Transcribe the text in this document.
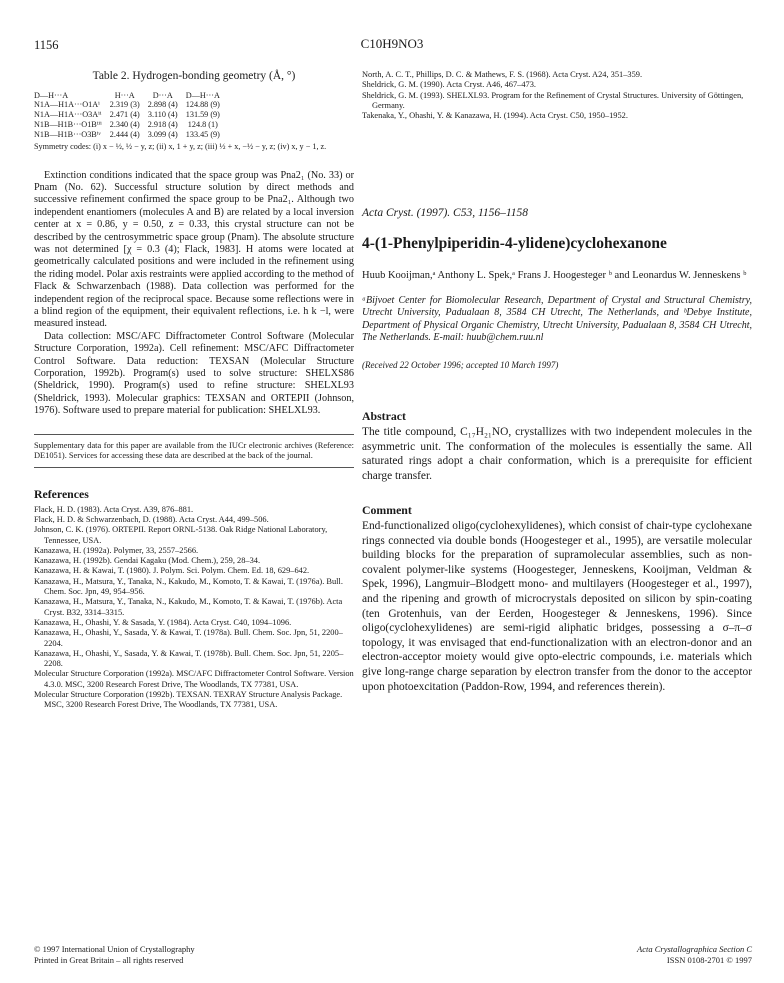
1156	C10H9NO3
Table 2. Hydrogen-bonding geometry (Å, °)
D—H···A	H···A	D···A	D—H···A
N1A—H1A···O1Aⁱ	2.319 (3)	2.898 (4)	124.88 (9)
N1A—H1A···O3Aⁱⁱ	2.471 (4)	3.110 (4)	131.59 (9)
N1B—H1B···O1Bⁱⁱⁱ	2.340 (4)	2.918 (4)	124.8 (1)
N1B—H1B···O3Bⁱᵛ	2.444 (4)	3.099 (4)	133.45 (9)
Symmetry codes: (i) x − ½, ½ − y, z; (ii) x, 1 + y, z; (iii) ½ + x, −½ − y, z; (iv) x, y − 1, z.

Extinction conditions indicated that the space group was Pna2₁ (No. 33) or Pnam (No. 62). Successful structure solution by direct methods and successive refinement confirmed the space group to be Pna2₁. Although two independent enantiomers (molecules A and B) are related by a local inversion center at x = 0.86, y = 0.50, z = 0.33, this crystal structure can not be described by the centrosymmetric space group (Pnam). The absolute structure was not determined [χ = 0.3 (4); Flack, 1983]. H atoms were located at geometrically calculated positions and were included in the refinement using the riding model. Polar axis restraints were applied according to the method of Flack & Schwarzenbach (1988). Data collection was performed for the independent region of the reciprocal space. Because some reflections were in a blind region of the equipment, their equivalent reflections, i.e. h k −l, were measured instead.

Data collection: MSC/AFC Diffractometer Control Software (Molecular Structure Corporation, 1992a). Cell refinement: MSC/AFC Diffractometer Control Software. Data reduction: TEXSAN (Molecular Structure Corporation, 1992b). Program(s) used to solve structure: SHELXS86 (Sheldrick, 1990). Program(s) used to refine structure: SHELXL93 (Sheldrick, 1993). Molecular graphics: TEXSAN and ORTEPII (Johnson, 1976). Software used to prepare material for publication: SHELXL93.

Supplementary data for this paper are available from the IUCr electronic archives (Reference: DE1051). Services for accessing these data are described at the back of the journal.
References

Flack, H. D. (1983). Acta Cryst. A39, 876–881.

Flack, H. D. & Schwarzenbach, D. (1988). Acta Cryst. A44, 499–506.

Johnson, C. K. (1976). ORTEPII. Report ORNL-5138. Oak Ridge National Laboratory, Tennessee, USA.

Kanazawa, H. (1992a). Polymer, 33, 2557–2566.

Kanazawa, H. (1992b). Gendai Kagaku (Mod. Chem.), 259, 28–34.

Kanazawa, H. & Kawai, T. (1980). J. Polym. Sci. Polym. Chem. Ed. 18, 629–642.

Kanazawa, H., Matsura, Y., Tanaka, N., Kakudo, M., Komoto, T. & Kawai, T. (1976a). Bull. Chem. Soc. Jpn, 49, 954–956.

Kanazawa, H., Matsura, Y., Tanaka, N., Kakudo, M., Komoto, T. & Kawai, T. (1976b). Acta Cryst. B32, 3314–3315.

Kanazawa, H., Ohashi, Y. & Sasada, Y. (1984). Acta Cryst. C40, 1094–1096.

Kanazawa, H., Ohashi, Y., Sasada, Y. & Kawai, T. (1978a). Bull. Chem. Soc. Jpn, 51, 2200–2204.

Kanazawa, H., Ohashi, Y., Sasada, Y. & Kawai, T. (1978b). Bull. Chem. Soc. Jpn, 51, 2205–2208.

Molecular Structure Corporation (1992a). MSC/AFC Diffractometer Control Software. Version 4.3.0. MSC, 3200 Research Forest Drive, The Woodlands, TX 77381, USA.

Molecular Structure Corporation (1992b). TEXSAN. TEXRAY Structure Analysis Package. MSC, 3200 Research Forest Drive, The Woodlands, TX 77381, USA.

North, A. C. T., Phillips, D. C. & Mathews, F. S. (1968). Acta Cryst. A24, 351–359.

Sheldrick, G. M. (1990). Acta Cryst. A46, 467–473.

Sheldrick, G. M. (1993). SHELXL93. Program for the Refinement of Crystal Structures. University of Göttingen, Germany.

Takenaka, Y., Ohashi, Y. & Kanazawa, H. (1994). Acta Cryst. C50, 1950–1952.

Acta Cryst. (1997). C53, 1156–1158
4-(1-Phenylpiperidin-4-ylidene)cyclohexanone
Huub Kooijman,ᵃ Anthony L. Spek,ᵃ Frans J. Hoogesteger ᵇ and Leonardus W. Jenneskens ᵇ
ᵃBijvoet Center for Biomolecular Research, Department of Crystal and Structural Chemistry, Utrecht University, Padualaan 8, 3584 CH Utrecht, The Netherlands, and ᵇDebye Institute, Department of Physical Organic Chemistry, Utrecht University, Padualaan 8, 3584 CH Utrecht, The Netherlands. E-mail: huub@chem.ruu.nl
(Received 22 October 1996; accepted 10 March 1997)
Abstract

The title compound, C₁₇H₂₁NO, crystallizes with two independent molecules in the asymmetric unit. The conformation of the molecules is essentially the same. All saturated rings adopt a chair conformation, which is a prerequisite for efficient charge transfer.

Comment

End-functionalized oligo(cyclohexylidenes), which consist of chair-type cyclohexane rings connected via double bonds (Hoogesteger et al., 1995), are versatile molecular building blocks for the preparation of supramolecular assemblies, such as non-covalent polymer-like systems (Hoogesteger, Jenneskens, Kooijman, Veldman & Spek, 1996), Langmuir–Blodgett mono- and multilayers (Hoogesteger et al., 1997), and the ripening and growth of microcrystals deposited on silicon by spin-coating (ten Grotenhuis, van der Eerden, Hoogesteger & Jenneskens, 1996). Since oligo(cyclohexylidenes) are semi-rigid aliphatic bridges, possessing a σ–π–σ topology, it was envisaged that end-functionalization with an electron-donor and an electron-acceptor moiety would give opto-electric compounds, i.e. materials which give long-range charge separation by electron transfer from the donor to the acceptor upon photoexcitation (Paddon-Row, 1994, and references therein).

© 1997 International Union of Crystallography
Printed in Great Britain – all rights reserved
Acta Crystallographica Section C
ISSN 0108-2701 © 1997
